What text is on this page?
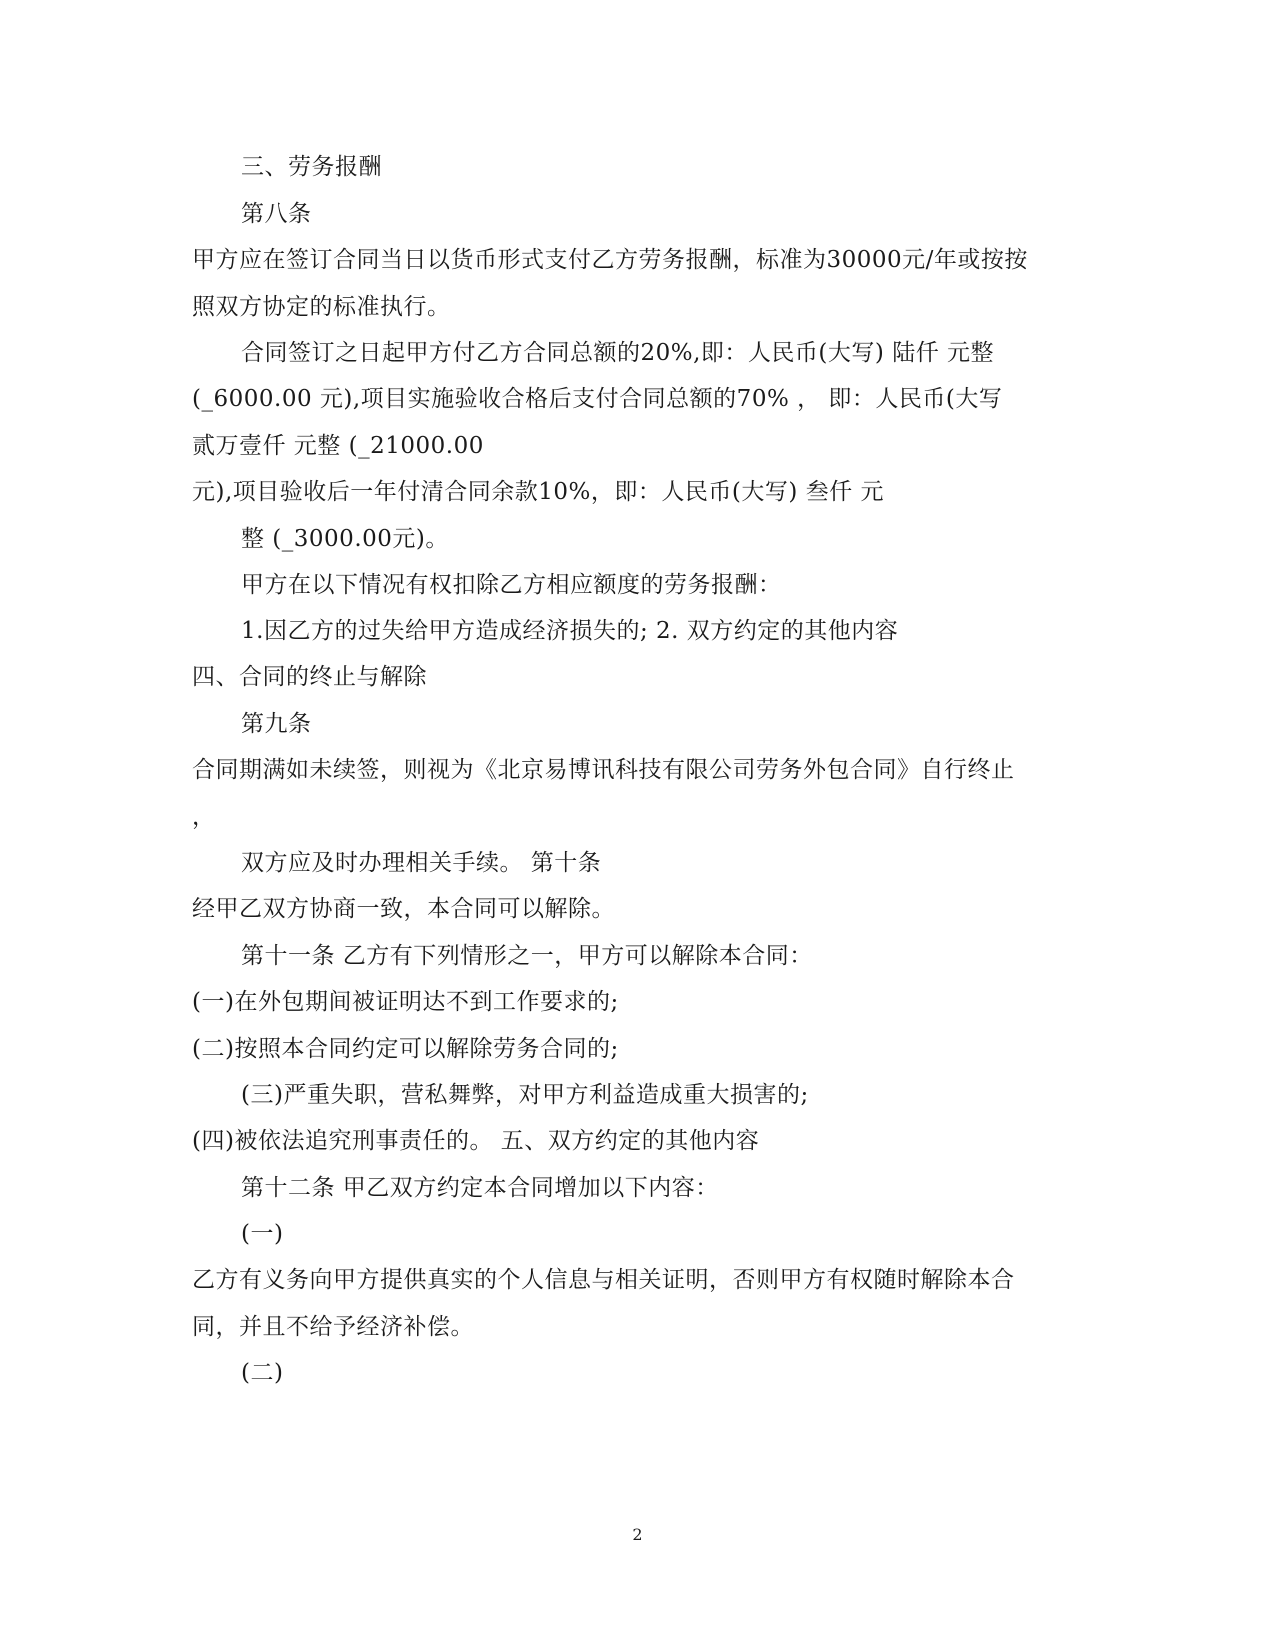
三、劳务报酬
第八条
甲方应在签订合同当日以货币形式支付乙方劳务报酬，标准为30000元/年或按按
照双方协定的标准执行。
合同签订之日起甲方付乙方合同总额的20%,即：人民币(大写) 陆仟 元整
(_6000.00 元),项目实施验收合格后支付合同总额的70% ， 即：人民币(大写
贰万壹仟 元整 (_21000.00
元),项目验收后一年付清合同余款10%，即：人民币(大写) 叁仟 元
整 (_3000.00元)。
甲方在以下情况有权扣除乙方相应额度的劳务报酬：
1.因乙方的过失给甲方造成经济损失的; 2. 双方约定的其他内容
四、合同的终止与解除
第九条
合同期满如未续签，则视为《北京易博讯科技有限公司劳务外包合同》自行终止
，
双方应及时办理相关手续。 第十条
经甲乙双方协商一致，本合同可以解除。
第十一条 乙方有下列情形之一，甲方可以解除本合同：
(一)在外包期间被证明达不到工作要求的;
(二)按照本合同约定可以解除劳务合同的;
(三)严重失职，营私舞弊，对甲方利益造成重大损害的;
(四)被依法追究刑事责任的。 五、双方约定的其他内容
第十二条 甲乙双方约定本合同增加以下内容：
(一)
乙方有义务向甲方提供真实的个人信息与相关证明，否则甲方有权随时解除本合
同，并且不给予经济补偿。
(二)
2
